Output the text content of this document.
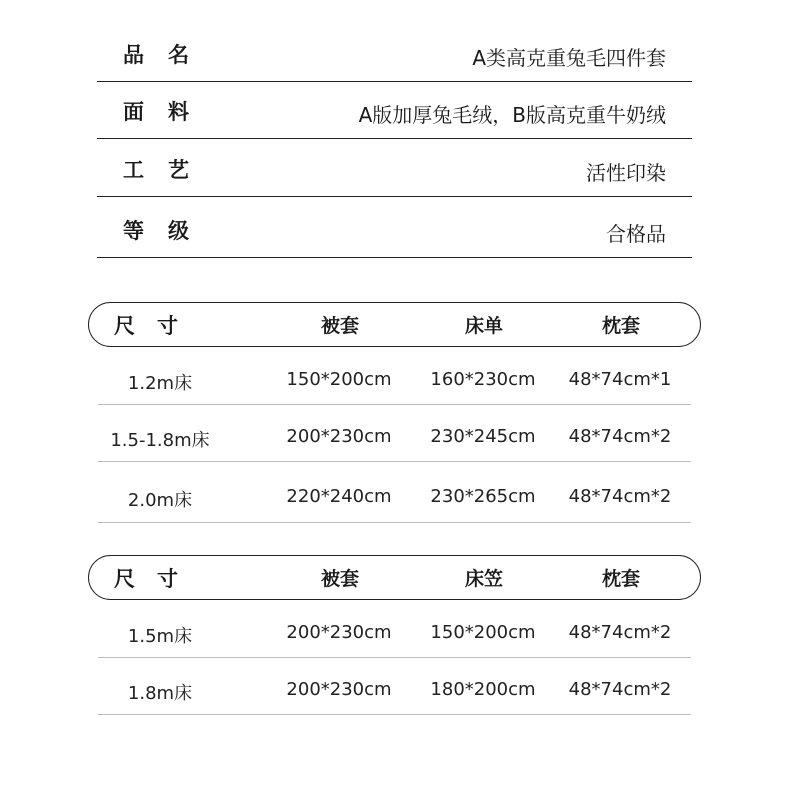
品名	A类高克重兔毛四件套
面料	A版加厚兔毛绒，B版高克重牛奶绒
工艺	活性印染
等级	合格品
尺寸	被套	床单	枕套
1.2m床	150*200cm 160*230cm 48*74cm*1
1.5-1.8m床	200*230cm 230*245cm 48*74cm*2
2.0m床	220*240cm 230*265cm 48*74cm*2
尺寸	被套	床笠	枕套
1.5m床	200*230cm 150*200cm 48*74cm*2
1.8m床	200*230cm 180*200cm 48*74cm*2
